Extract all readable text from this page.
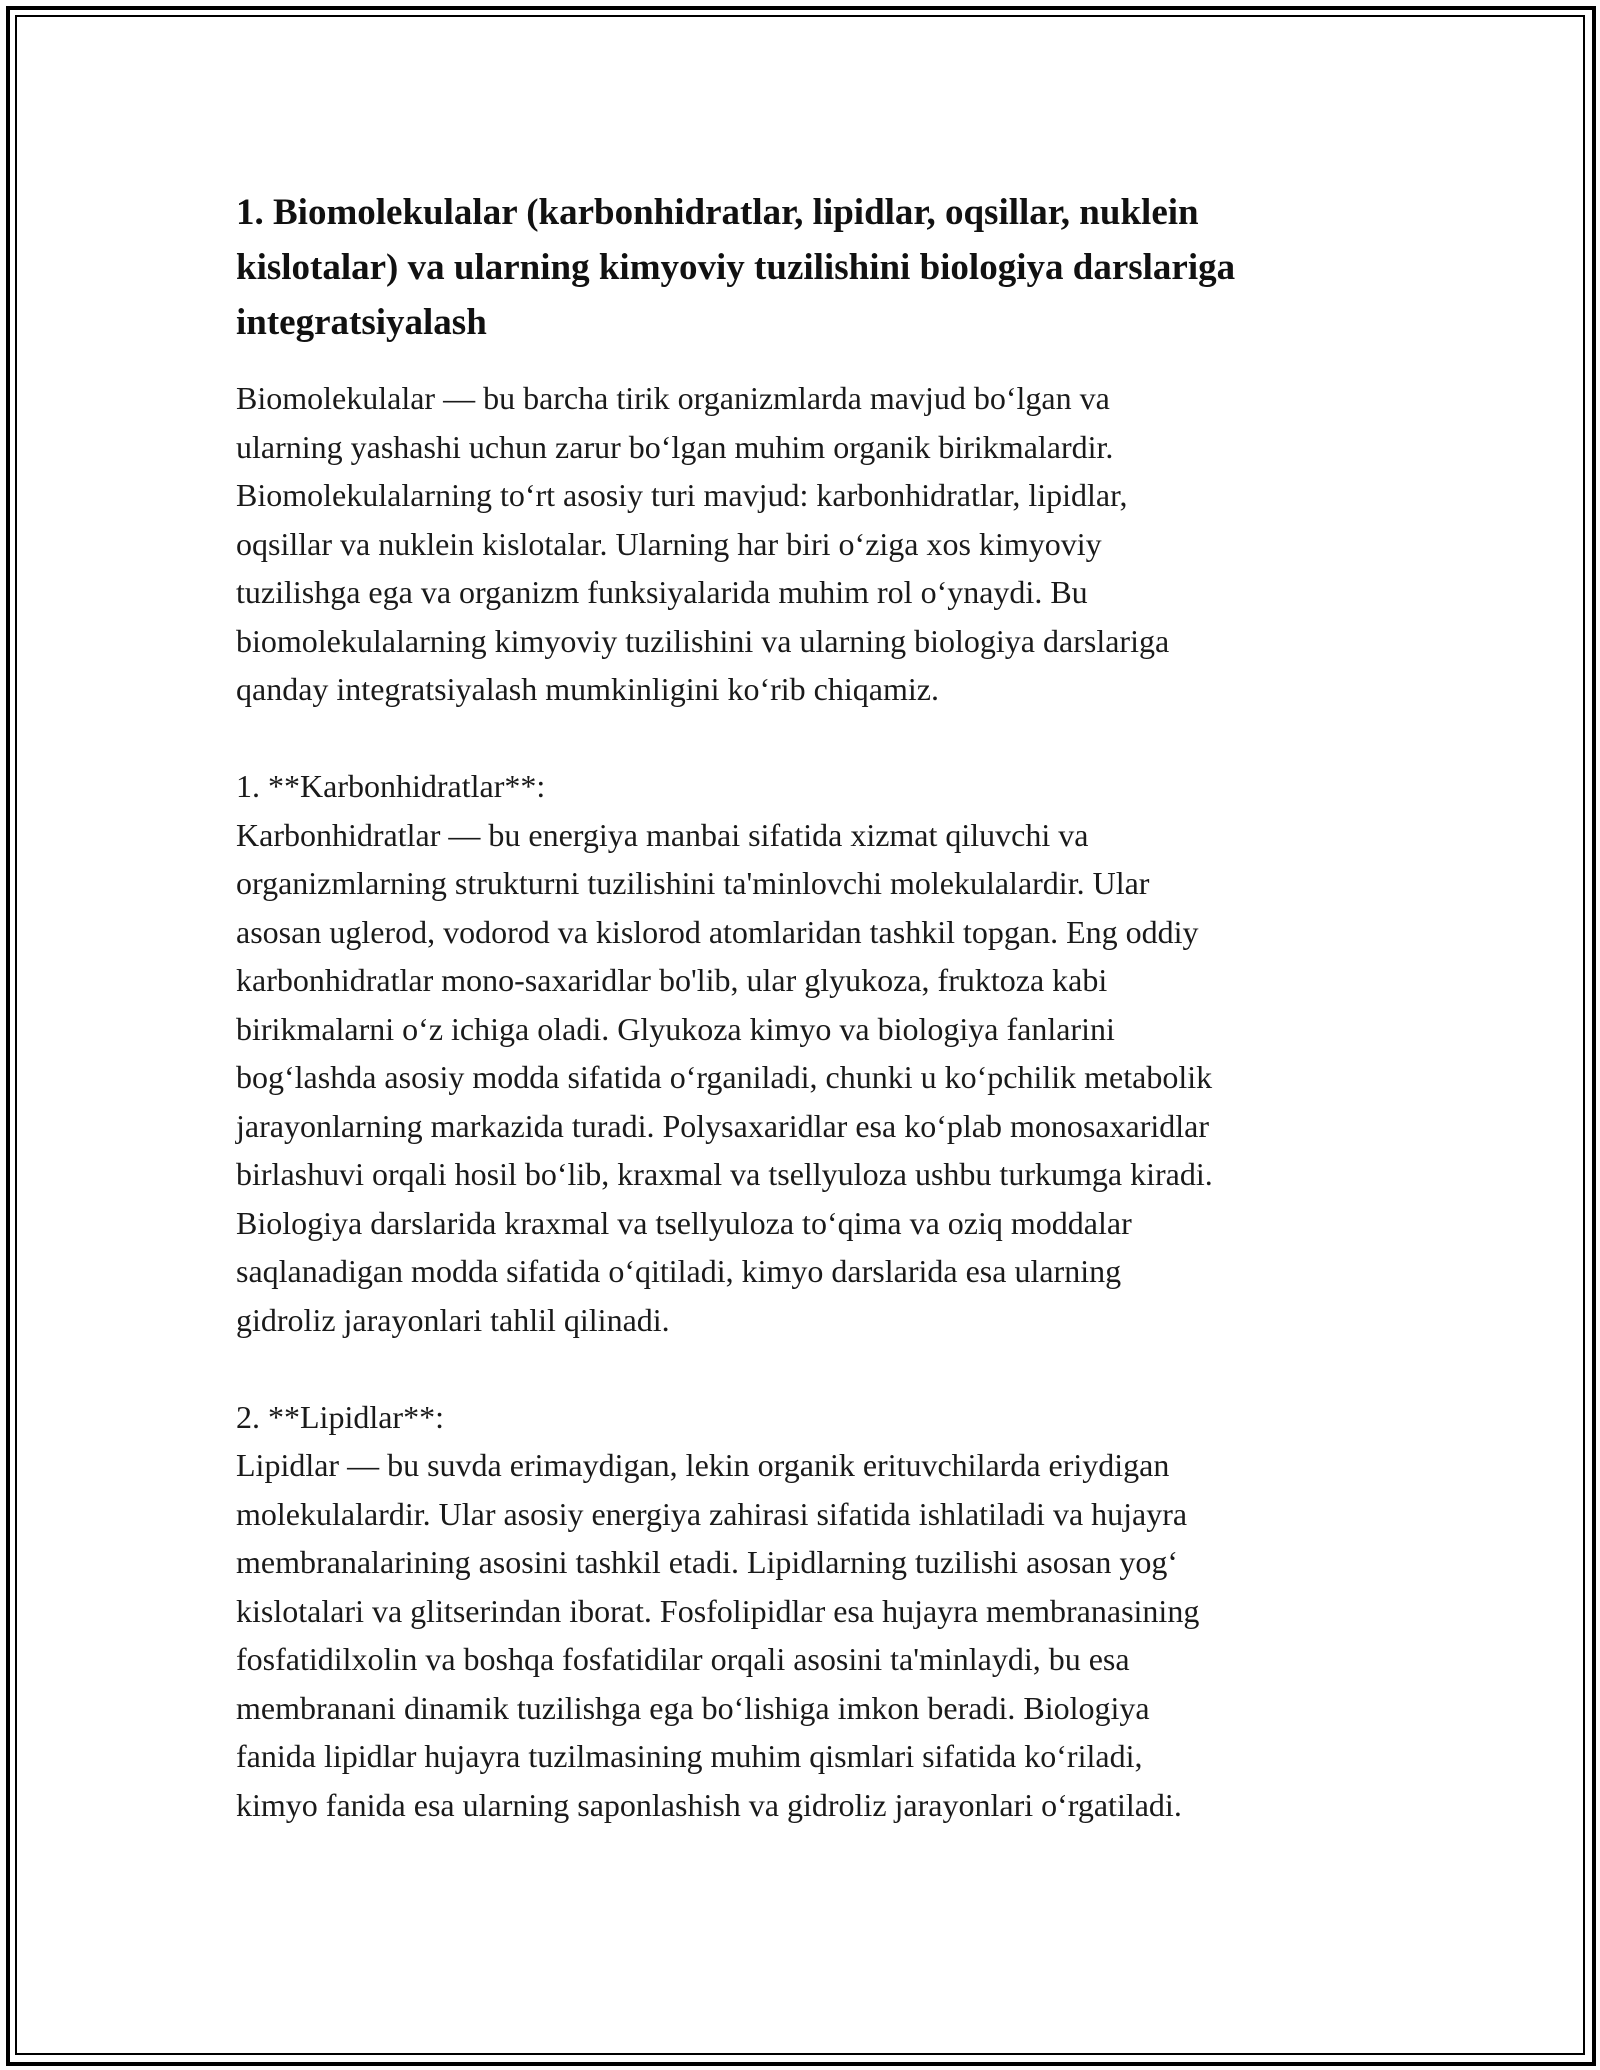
1. Biomolekulalar (karbonhidratlar, lipidlar, oqsillar, nuklein kislotalar) va ularning kimyoviy tuzilishini biologiya darslariga integratsiyalash

Biomolekulalar — bu barcha tirik organizmlarda mavjud bo‘lgan va
ularning yashashi uchun zarur bo‘lgan muhim organik birikmalardir.
Biomolekulalarning to‘rt asosiy turi mavjud: karbonhidratlar, lipidlar,
oqsillar va nuklein kislotalar. Ularning har biri o‘ziga xos kimyoviy
tuzilishga ega va organizm funksiyalarida muhim rol o‘ynaydi. Bu
biomolekulalarning kimyoviy tuzilishini va ularning biologiya darslariga
qanday integratsiyalash mumkinligini ko‘rib chiqamiz.

1. **Karbonhidratlar**:

Karbonhidratlar — bu energiya manbai sifatida xizmat qiluvchi va
organizmlarning strukturni tuzilishini ta'minlovchi molekulalardir. Ular
asosan uglerod, vodorod va kislorod atomlaridan tashkil topgan. Eng oddiy
karbonhidratlar mono-saxaridlar bo'lib, ular glyukoza, fruktoza kabi
birikmalarni o‘z ichiga oladi. Glyukoza kimyo va biologiya fanlarini
bog‘lashda asosiy modda sifatida o‘rganiladi, chunki u ko‘pchilik metabolik
jarayonlarning markazida turadi. Polysaxaridlar esa ko‘plab monosaxaridlar
birlashuvi orqali hosil bo‘lib, kraxmal va tsellyuloza ushbu turkumga kiradi.
Biologiya darslarida kraxmal va tsellyuloza to‘qima va oziq moddalar
saqlanadigan modda sifatida o‘qitiladi, kimyo darslarida esa ularning
gidroliz jarayonlari tahlil qilinadi.

2. **Lipidlar**:

Lipidlar — bu suvda erimaydigan, lekin organik erituvchilarda eriydigan
molekulalardir. Ular asosiy energiya zahirasi sifatida ishlatiladi va hujayra
membranalarining asosini tashkil etadi. Lipidlarning tuzilishi asosan yog‘
kislotalari va glitserindan iborat. Fosfolipidlar esa hujayra membranasining
fosfatidilxolin va boshqa fosfatidilar orqali asosini ta'minlaydi, bu esa
membranani dinamik tuzilishga ega bo‘lishiga imkon beradi. Biologiya
fanida lipidlar hujayra tuzilmasining muhim qismlari sifatida ko‘riladi,
kimyo fanida esa ularning saponlashish va gidroliz jarayonlari o‘rgatiladi.
